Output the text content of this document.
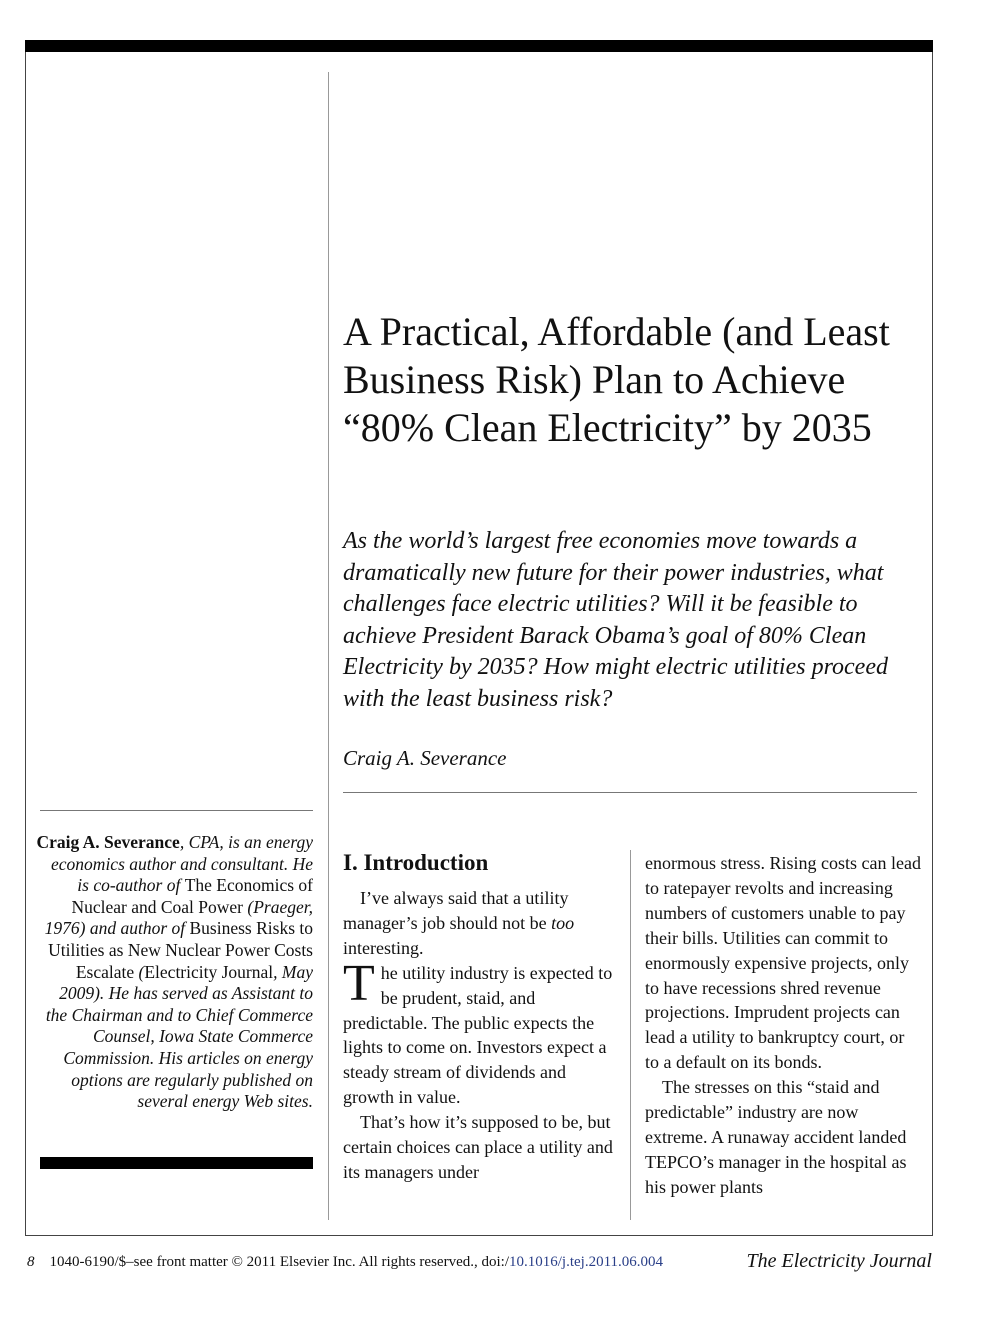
A Practical, Affordable (and Least Business Risk) Plan to Achieve “80% Clean Electricity” by 2035

As the world’s largest free economies move towards a dramatically new future for their power industries, what challenges face electric utilities? Will it be feasible to achieve President Barack Obama’s goal of 80% Clean Electricity by 2035? How might electric utilities proceed with the least business risk?

Craig A. Severance

Craig A. Severance, CPA, is an energy economics author and consultant. He is co-author of The Economics of Nuclear and Coal Power (Praeger, 1976) and author of Business Risks to Utilities as New Nuclear Power Costs Escalate (Electricity Journal, May 2009). He has served as Assistant to the Chairman and to Chief Commerce Counsel, Iowa State Commerce Commission. His articles on energy options are regularly published on several energy Web sites.

I. Introduction

I’ve always said that a utility manager’s job should not be too interesting.

The utility industry is expected to be prudent, staid, and predictable. The public expects the lights to come on. Investors expect a steady stream of dividends and growth in value.

That’s how it’s supposed to be, but certain choices can place a utility and its managers under

enormous stress. Rising costs can lead to ratepayer revolts and increasing numbers of customers unable to pay their bills. Utilities can commit to enormously expensive projects, only to have recessions shred revenue projections. Imprudent projects can lead a utility to bankruptcy court, or to a default on its bonds.

The stresses on this “staid and predictable” industry are now extreme. A runaway accident landed TEPCO’s manager in the hospital as his power plants

8 1040-6190/$–see front matter © 2011 Elsevier Inc. All rights reserved., doi:/10.1016/j.tej.2011.06.004	The Electricity Journal
